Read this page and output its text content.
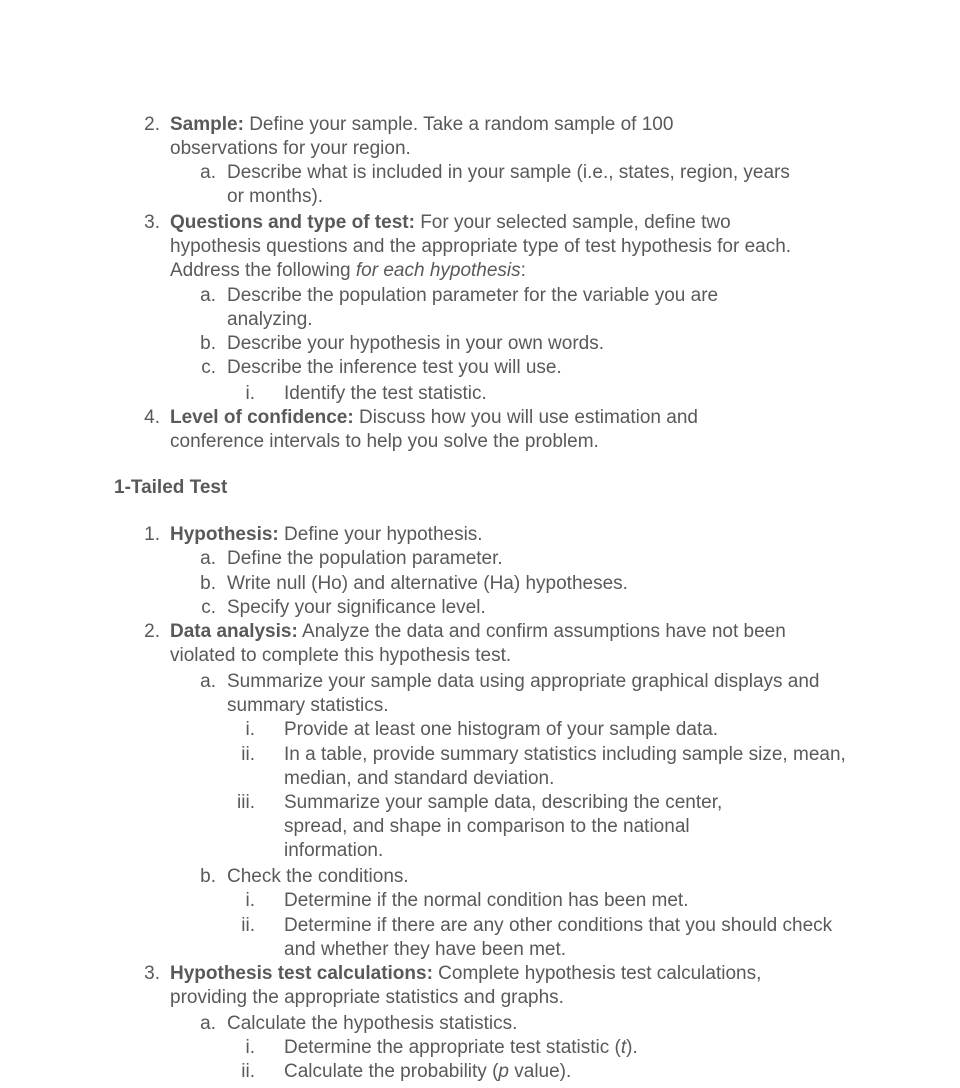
2. Sample: Define your sample. Take a random sample of 100 observations for your region.
a. Describe what is included in your sample (i.e., states, region, years or months).
3. Questions and type of test: For your selected sample, define two hypothesis questions and the appropriate type of test hypothesis for each. Address the following for each hypothesis:
a. Describe the population parameter for the variable you are analyzing.
b. Describe your hypothesis in your own words.
c. Describe the inference test you will use.
i. Identify the test statistic.
4. Level of confidence: Discuss how you will use estimation and conference intervals to help you solve the problem.
1-Tailed Test
1. Hypothesis: Define your hypothesis.
a. Define the population parameter.
b. Write null (Ho) and alternative (Ha) hypotheses.
c. Specify your significance level.
2. Data analysis: Analyze the data and confirm assumptions have not been violated to complete this hypothesis test.
a. Summarize your sample data using appropriate graphical displays and summary statistics.
i. Provide at least one histogram of your sample data.
ii. In a table, provide summary statistics including sample size, mean, median, and standard deviation.
iii. Summarize your sample data, describing the center, spread, and shape in comparison to the national information.
b. Check the conditions.
i. Determine if the normal condition has been met.
ii. Determine if there are any other conditions that you should check and whether they have been met.
3. Hypothesis test calculations: Complete hypothesis test calculations, providing the appropriate statistics and graphs.
a. Calculate the hypothesis statistics.
i. Determine the appropriate test statistic (t).
ii. Calculate the probability (p value).
